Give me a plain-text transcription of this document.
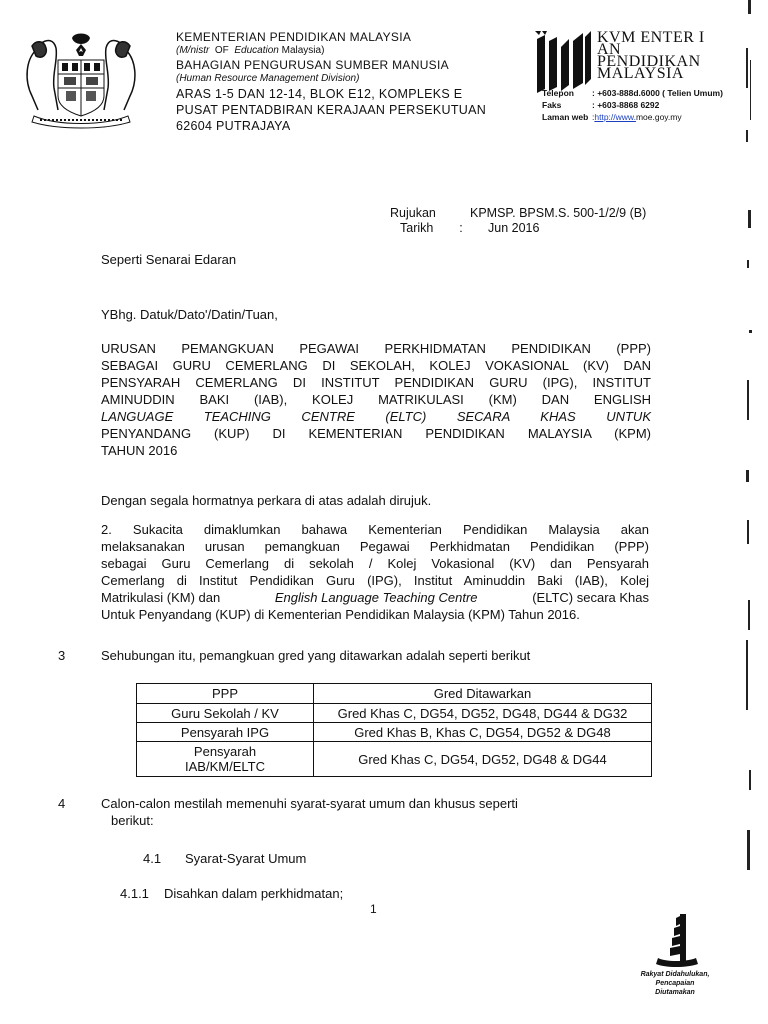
KEMENTERIAN PENDIDIKAN MALAYSIA
(M/nistr OF Education Malaysia)
BAHAGIAN PENGURUSAN SUMBER MANUSIA
(Human Resource Management Division)
ARAS 1-5 DAN 12-14, BLOK E12, KOMPLEKS E
PUSAT PENTADBIRAN KERAJAAN PERSEKUTUAN
62604 PUTRAJAYA
KVM ENTER I
AN
PENDIDIKAN
MALAYSIA
Telepon	: +603-888d.6000 ( Telien Umum)
Faks	: +603-8868 6292
Laman web : http://www. moe.goy.my
Rujukan	KPMSP. BPSM.S. 500-1/2/9 (B)
Tarikh	:	Jun 2016
Seperti Senarai Edaran
YBhg. Datuk/Dato'/Datin/Tuan,
URUSAN PEMANGKUAN PEGAWAI PERKHIDMATAN PENDIDIKAN (PPP)
SEBAGAI GURU CEMERLANG DI SEKOLAH, KOLEJ VOKASIONAL (KV) DAN
PENSYARAH CEMERLANG DI INSTITUT PENDIDIKAN GURU (IPG), INSTITUT
AMINUDDIN BAKI (IAB), KOLEJ MATRIKULASI (KM) DAN ENGLISH
LANGUAGE TEACHING CENTRE (ELTC) SECARA KHAS UNTUK
PENYANDANG (KUP) DI KEMENTERIAN PENDIDIKAN MALAYSIA (KPM)
TAHUN 2016
Dengan segala hormatnya perkara di atas adalah dirujuk.
2. Sukacita dimaklumkan bahawa Kementerian Pendidikan Malaysia akan
melaksanakan urusan pemangkuan Pegawai Perkhidmatan Pendidikan (PPP)
sebagai Guru Cemerlang di sekolah / Kolej Vokasional (KV) dan Pensyarah
Cemerlang di Institut Pendidikan Guru (IPG), Institut Aminuddin Baki (IAB), Kolej
Matrikulasi (KM) dan	English Language Teaching Centre	(ELTC) secara Khas
Untuk Penyandang (KUP) di Kementerian Pendidikan Malaysia (KPM) Tahun 2016.
3	Sehubungan itu, pemangkuan gred yang ditawarkan adalah seperti berikut
PPP	Gred Ditawarkan
Guru Sekolah / KV	Gred Khas C, DG54, DG52, DG48, DG44 & DG32
Pensyarah IPG	Gred Khas B, Khas C, DG54, DG52 & DG48
Pensyarah
IAB/KM/ELTC	Gred Khas C, DG54, DG52, DG48 & DG44
4	Calon-calon mestilah memenuhi syarat-syarat umum dan khusus seperti
berikut:
4.1 Syarat-Syarat Umum
4.1.1 Disahkan dalam perkhidmatan;
1
Rakyat Didahulukan,
Pencapaian Diutamakan
